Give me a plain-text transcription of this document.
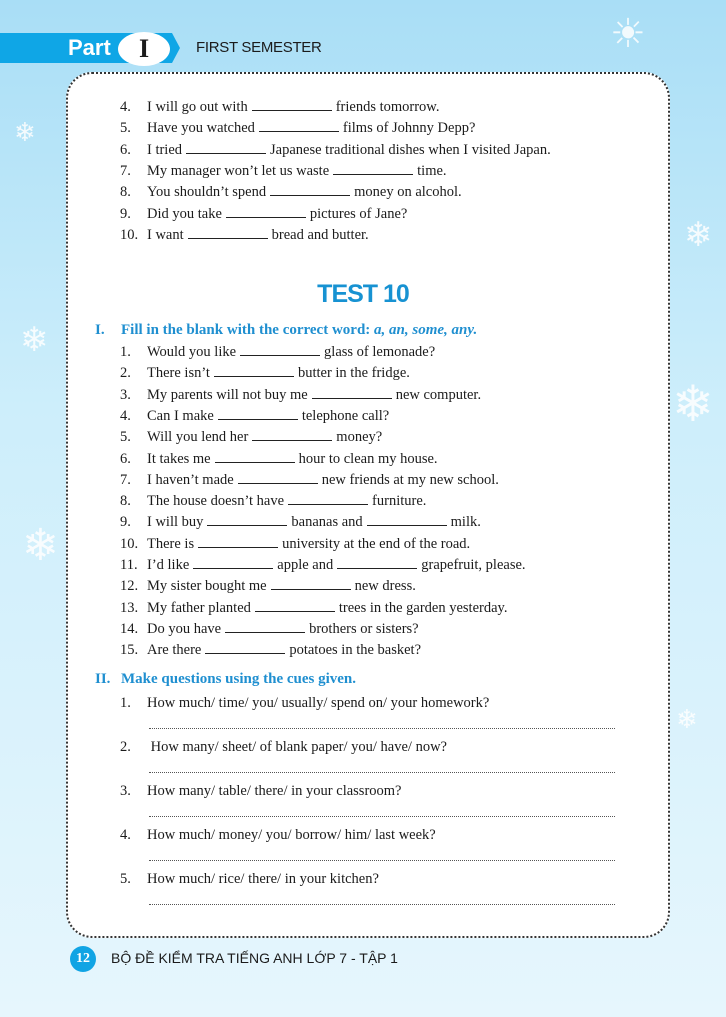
Part	I	FIRST SEMESTER
❄
❄
❄
❄
❄
❄
☀
4. I will go out with	friends tomorrow.
5. Have you watched	films of Johnny Depp?
6. I tried	Japanese traditional dishes when I visited Japan.
7. My manager won’t let us waste	time.
8. You shouldn’t spend	money on alcohol.
9. Did you take	pictures of Jane?
10. I want	bread and butter.
TEST 10
I. Fill in the blank with the correct word: a, an, some, any.
1. Would you like	glass of lemonade?
2. There isn’t	butter in the fridge.
3. My parents will not buy me	new computer.
4. Can I make	telephone call?
5. Will you lend her	money?
6. It takes me	hour to clean my house.
7. I haven’t made	new friends at my new school.
8. The house doesn’t have	furniture.
9. I will buy	bananas and	milk.
10. There is	university at the end of the road.
11. I’d like	apple and	grapefruit, please.
12. My sister bought me	new dress.
13. My father planted	trees in the garden yesterday.
14. Do you have	brothers or sisters?
15. Are there	potatoes in the basket?
II. Make questions using the cues given.
1. How much/ time/ you/ usually/ spend on/ your homework?
2. How many/ sheet/ of blank paper/ you/ have/ now?
3. How many/ table/ there/ in your classroom?
4. How much/ money/ you/ borrow/ him/ last week?
5. How much/ rice/ there/ in your kitchen?
12	BỘ ĐỀ KIỂM TRA TIẾNG ANH LỚP 7 - TẬP 1
